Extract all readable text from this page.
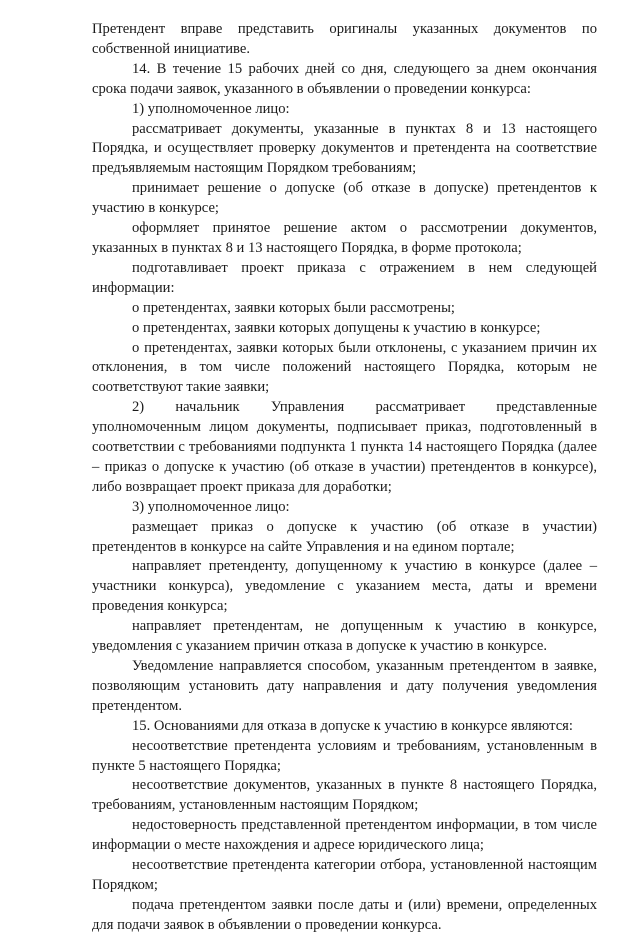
Претендент вправе представить оригиналы указанных документов по собственной инициативе.

14. В течение 15 рабочих дней со дня, следующего за днем окончания срока подачи заявок, указанного в объявлении о проведении конкурса:

1) уполномоченное лицо:

рассматривает документы, указанные в пунктах 8 и 13 настоящего Порядка, и осуществляет проверку документов и претендента на соответствие предъявляемым настоящим Порядком требованиям;

принимает решение о допуске (об отказе в допуске) претендентов к участию в конкурсе;

оформляет принятое решение актом о рассмотрении документов, указанных в пунктах 8 и 13 настоящего Порядка, в форме протокола;

подготавливает проект приказа с отражением в нем следующей информации:

о претендентах, заявки которых были рассмотрены;

о претендентах, заявки которых допущены к участию в конкурсе;

о претендентах, заявки которых были отклонены, с указанием причин их отклонения, в том числе положений настоящего Порядка, которым не соответствуют такие заявки;

2) начальник Управления рассматривает представленные уполномоченным лицом документы, подписывает приказ, подготовленный в соответствии с требованиями подпункта 1 пункта 14 настоящего Порядка (далее – приказ о допуске к участию (об отказе в участии) претендентов в конкурсе), либо возвращает проект приказа для доработки;

3) уполномоченное лицо:

размещает приказ о допуске к участию (об отказе в участии) претендентов в конкурсе на сайте Управления и на едином портале;

направляет претенденту, допущенному к участию в конкурсе (далее – участники конкурса), уведомление с указанием места, даты и времени проведения конкурса;

направляет претендентам, не допущенным к участию в конкурсе, уведомления с указанием причин отказа в допуске к участию в конкурсе.

Уведомление направляется способом, указанным претендентом в заявке, позволяющим установить дату направления и дату получения уведомления претендентом.

15. Основаниями для отказа в допуске к участию в конкурсе являются:

несоответствие претендента условиям и требованиям, установленным в пункте 5 настоящего Порядка;

несоответствие документов, указанных в пункте 8 настоящего Порядка, требованиям, установленным настоящим Порядком;

недостоверность представленной претендентом информации, в том числе информации о месте нахождения и адресе юридического лица;

несоответствие претендента категории отбора, установленной настоящим Порядком;

подача претендентом заявки после даты и (или) времени, определенных для подачи заявок в объявлении о проведении конкурса.
